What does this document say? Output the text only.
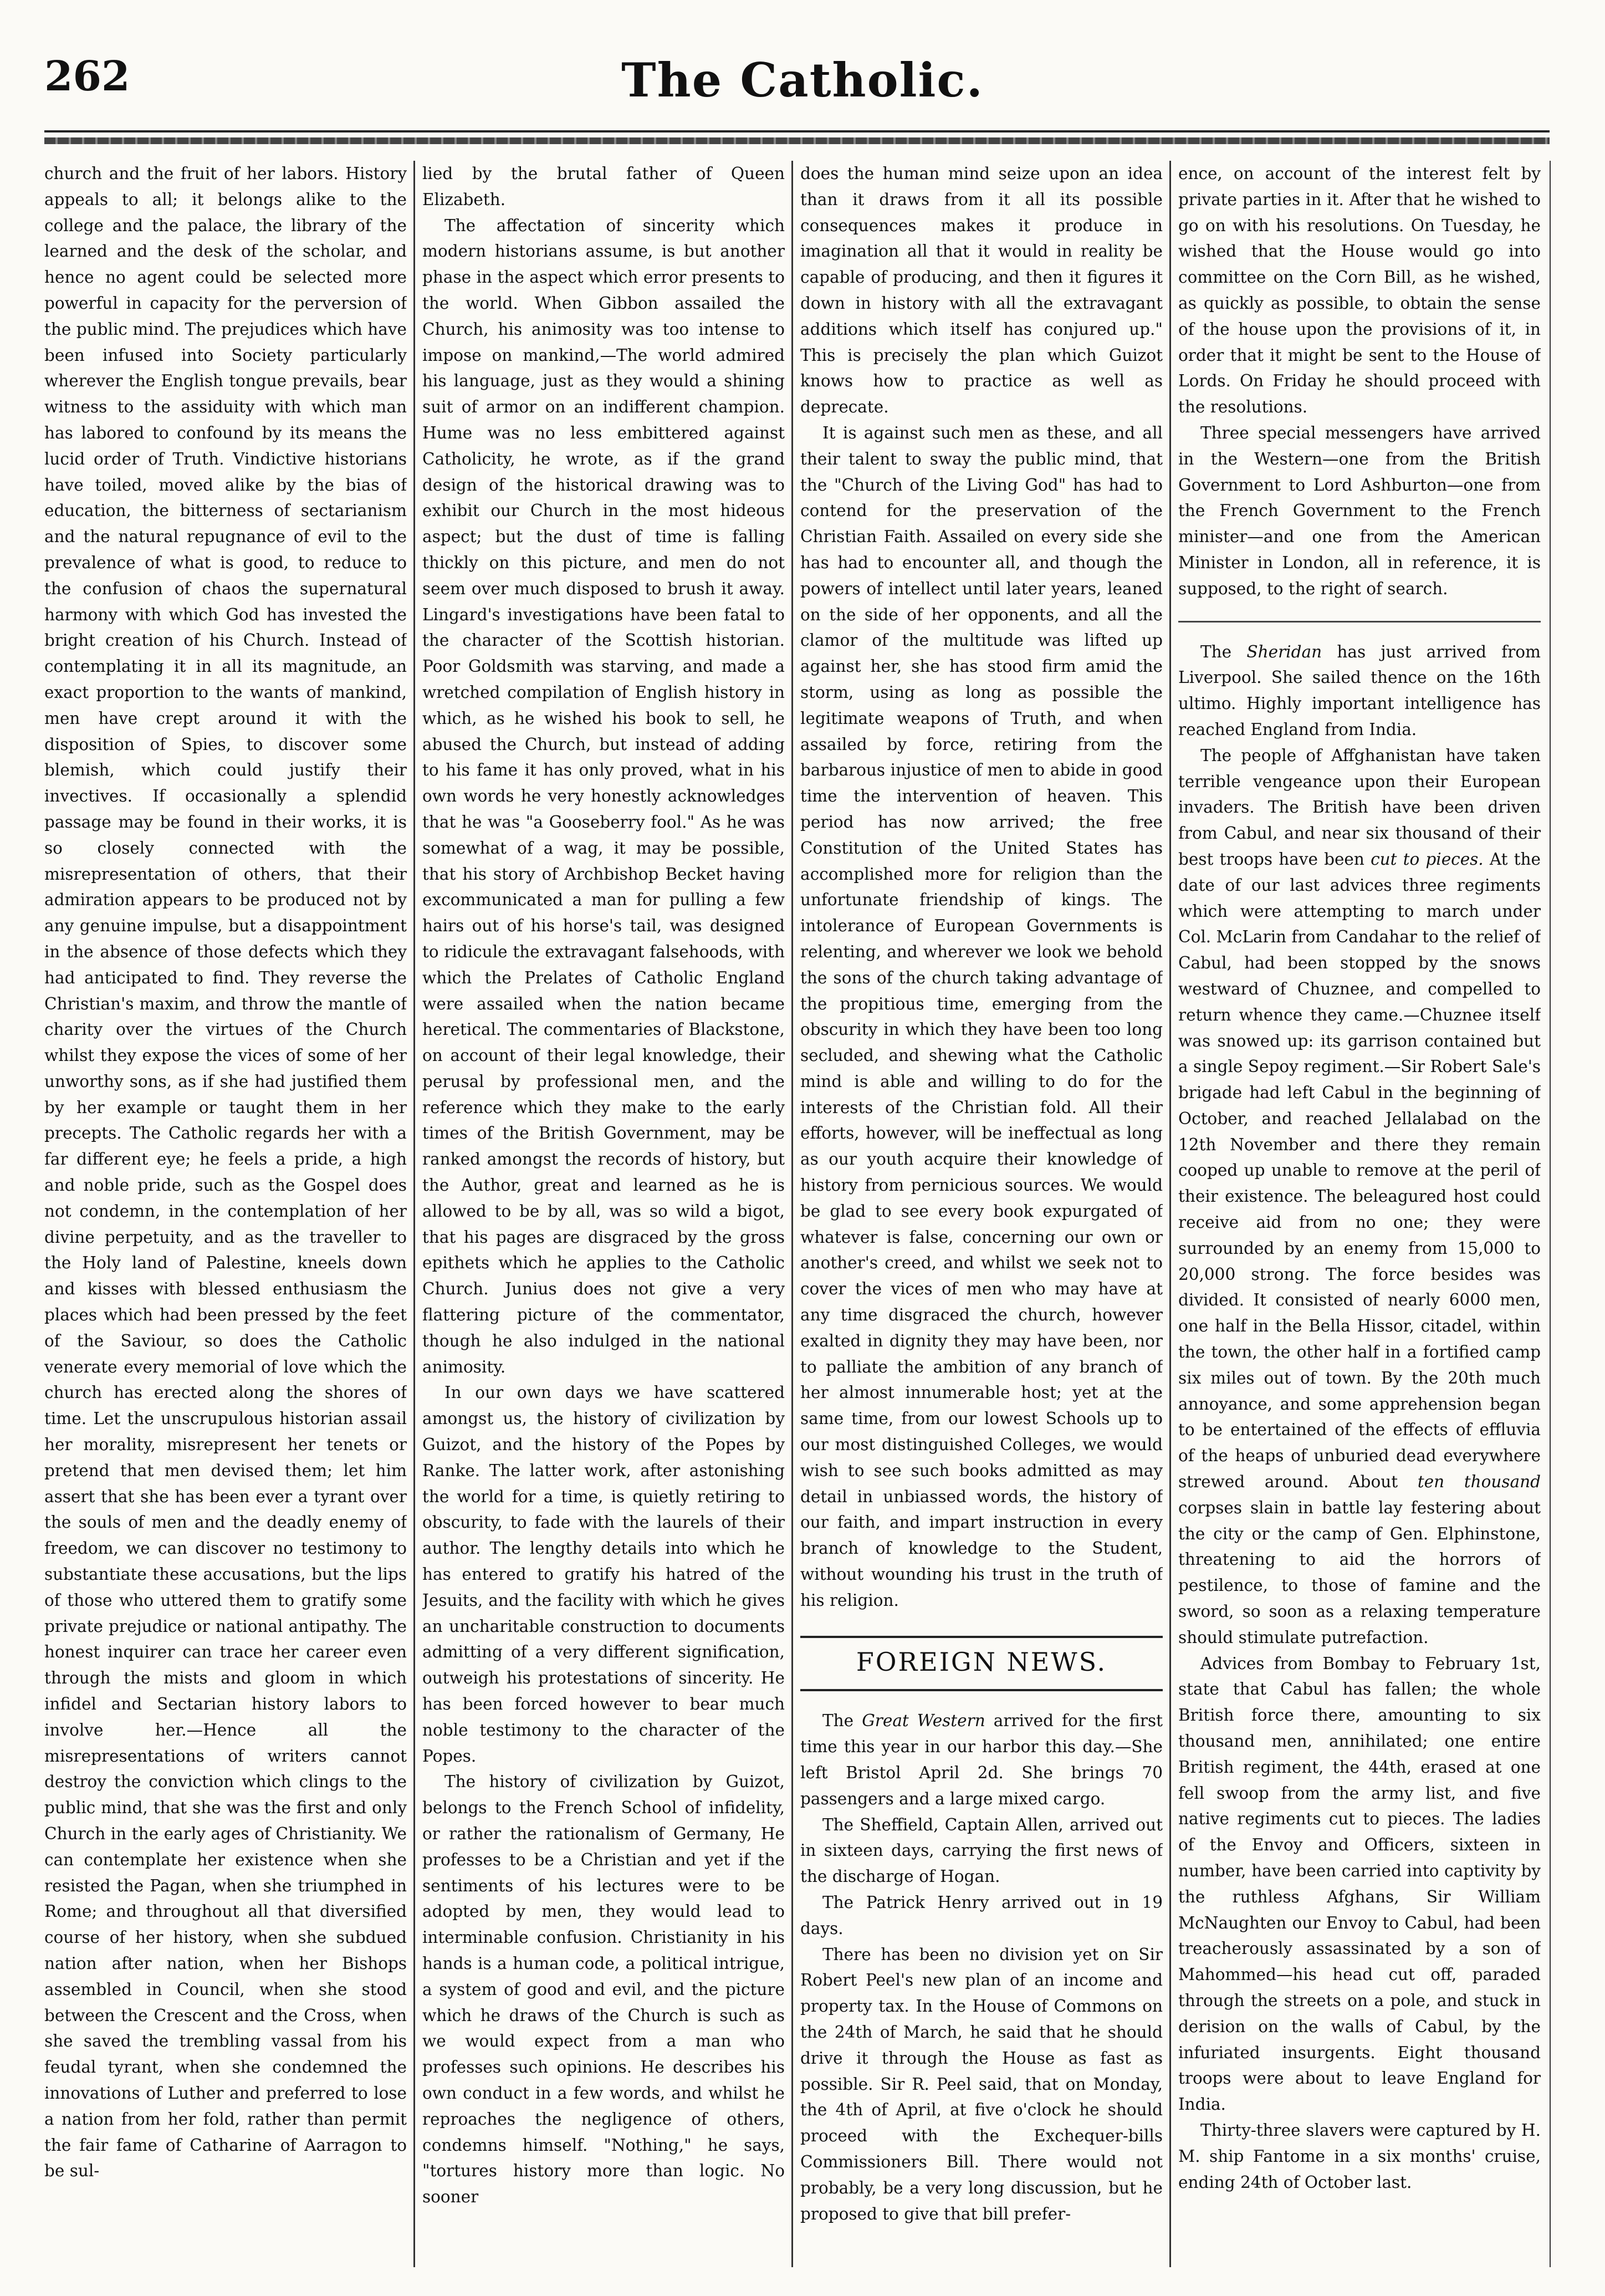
262	The Catholic.

church and the fruit of her labors. History appeals to all; it belongs alike to the college and the palace, the library of the learned and the desk of the scholar, and hence no agent could be selected more powerful in capacity for the perversion of the public mind. The prejudices which have been infused into Society particularly wherever the English tongue prevails, bear witness to the assiduity with which man has labored to confound by its means the lucid order of Truth. Vindictive historians have toiled, moved alike by the bias of education, the bitterness of sectarianism and the natural repugnance of evil to the prevalence of what is good, to reduce to the confusion of chaos the supernatural harmony with which God has invested the bright creation of his Church. Instead of contemplating it in all its magnitude, an exact proportion to the wants of mankind, men have crept around it with the disposition of Spies, to discover some blemish, which could justify their invectives. If occasionally a splendid passage may be found in their works, it is so closely connected with the misrepresentation of others, that their admiration appears to be produced not by any genuine impulse, but a disappointment in the absence of those defects which they had anticipated to find. They reverse the Christian's maxim, and throw the mantle of charity over the virtues of the Church whilst they expose the vices of some of her unworthy sons, as if she had justified them by her example or taught them in her precepts. The Catholic regards her with a far different eye; he feels a pride, a high and noble pride, such as the Gospel does not condemn, in the contemplation of her divine perpetuity, and as the traveller to the Holy land of Palestine, kneels down and kisses with blessed enthusiasm the places which had been pressed by the feet of the Saviour, so does the Catholic venerate every memorial of love which the church has erected along the shores of time. Let the unscrupulous historian assail her morality, misrepresent her tenets or pretend that men devised them; let him assert that she has been ever a tyrant over the souls of men and the deadly enemy of freedom, we can discover no testimony to substantiate these accusations, but the lips of those who uttered them to gratify some private prejudice or national antipathy. The honest inquirer can trace her career even through the mists and gloom in which infidel and Sectarian history labors to involve her.—Hence all the misrepresentations of writers cannot destroy the conviction which clings to the public mind, that she was the first and only Church in the early ages of Christianity. We can contemplate her existence when she resisted the Pagan, when she triumphed in Rome; and throughout all that diversified course of her history, when she subdued nation after nation, when her Bishops assembled in Council, when she stood between the Crescent and the Cross, when she saved the trembling vassal from his feudal tyrant, when she condemned the innovations of Luther and preferred to lose a nation from her fold, rather than permit the fair fame of Catharine of Aarragon to be sul-

lied by the brutal father of Queen Elizabeth.

The affectation of sincerity which modern historians assume, is but another phase in the aspect which error presents to the world. When Gibbon assailed the Church, his animosity was too intense to impose on mankind,—The world admired his language, just as they would a shining suit of armor on an indifferent champion. Hume was no less embittered against Catholicity, he wrote, as if the grand design of the historical drawing was to exhibit our Church in the most hideous aspect; but the dust of time is falling thickly on this picture, and men do not seem over much disposed to brush it away. Lingard's investigations have been fatal to the character of the Scottish historian. Poor Goldsmith was starving, and made a wretched compilation of English history in which, as he wished his book to sell, he abused the Church, but instead of adding to his fame it has only proved, what in his own words he very honestly acknowledges that he was "a Gooseberry fool." As he was somewhat of a wag, it may be possible, that his story of Archbishop Becket having excommunicated a man for pulling a few hairs out of his horse's tail, was designed to ridicule the extravagant falsehoods, with which the Prelates of Catholic England were assailed when the nation became heretical. The commentaries of Blackstone, on account of their legal knowledge, their perusal by professional men, and the reference which they make to the early times of the British Government, may be ranked amongst the records of history, but the Author, great and learned as he is allowed to be by all, was so wild a bigot, that his pages are disgraced by the gross epithets which he applies to the Catholic Church. Junius does not give a very flattering picture of the commentator, though he also indulged in the national animosity.

In our own days we have scattered amongst us, the history of civilization by Guizot, and the history of the Popes by Ranke. The latter work, after astonishing the world for a time, is quietly retiring to obscurity, to fade with the laurels of their author. The lengthy details into which he has entered to gratify his hatred of the Jesuits, and the facility with which he gives an uncharitable construction to documents admitting of a very different signification, outweigh his protestations of sincerity. He has been forced however to bear much noble testimony to the character of the Popes.

The history of civilization by Guizot, belongs to the French School of infidelity, or rather the rationalism of Germany, He professes to be a Christian and yet if the sentiments of his lectures were to be adopted by men, they would lead to interminable confusion. Christianity in his hands is a human code, a political intrigue, a system of good and evil, and the picture which he draws of the Church is such as we would expect from a man who professes such opinions. He describes his own conduct in a few words, and whilst he reproaches the negligence of others, condemns himself. "Nothing," he says, "tortures history more than logic. No sooner

does the human mind seize upon an idea than it draws from it all its possible consequences makes it produce in imagination all that it would in reality be capable of producing, and then it figures it down in history with all the extravagant additions which itself has conjured up." This is precisely the plan which Guizot knows how to practice as well as deprecate.

It is against such men as these, and all their talent to sway the public mind, that the "Church of the Living God" has had to contend for the preservation of the Christian Faith. Assailed on every side she has had to encounter all, and though the powers of intellect until later years, leaned on the side of her opponents, and all the clamor of the multitude was lifted up against her, she has stood firm amid the storm, using as long as possible the legitimate weapons of Truth, and when assailed by force, retiring from the barbarous injustice of men to abide in good time the intervention of heaven. This period has now arrived; the free Constitution of the United States has accomplished more for religion than the unfortunate friendship of kings. The intolerance of European Governments is relenting, and wherever we look we behold the sons of the church taking advantage of the propitious time, emerging from the obscurity in which they have been too long secluded, and shewing what the Catholic mind is able and willing to do for the interests of the Christian fold. All their efforts, however, will be ineffectual as long as our youth acquire their knowledge of history from pernicious sources. We would be glad to see every book expurgated of whatever is false, concerning our own or another's creed, and whilst we seek not to cover the vices of men who may have at any time disgraced the church, however exalted in dignity they may have been, nor to palliate the ambition of any branch of her almost innumerable host; yet at the same time, from our lowest Schools up to our most distinguished Colleges, we would wish to see such books admitted as may detail in unbiassed words, the history of our faith, and impart instruction in every branch of knowledge to the Student, without wounding his trust in the truth of his religion.

FOREIGN NEWS.

The Great Western arrived for the first time this year in our harbor this day.—She left Bristol April 2d. She brings 70 passengers and a large mixed cargo.

The Sheffield, Captain Allen, arrived out in sixteen days, carrying the first news of the discharge of Hogan.

The Patrick Henry arrived out in 19 days.

There has been no division yet on Sir Robert Peel's new plan of an income and property tax. In the House of Commons on the 24th of March, he said that he should drive it through the House as fast as possible. Sir R. Peel said, that on Monday, the 4th of April, at five o'clock he should proceed with the Exchequer-bills Commissioners Bill. There would not probably, be a very long discussion, but he proposed to give that bill prefer-

ence, on account of the interest felt by private parties in it. After that he wished to go on with his resolutions. On Tuesday, he wished that the House would go into committee on the Corn Bill, as he wished, as quickly as possible, to obtain the sense of the house upon the provisions of it, in order that it might be sent to the House of Lords. On Friday he should proceed with the resolutions.

Three special messengers have arrived in the Western—one from the British Government to Lord Ashburton—one from the French Government to the French minister—and one from the American Minister in London, all in reference, it is supposed, to the right of search.

The Sheridan has just arrived from Liverpool. She sailed thence on the 16th ultimo. Highly important intelligence has reached England from India.

The people of Affghanistan have taken terrible vengeance upon their European invaders. The British have been driven from Cabul, and near six thousand of their best troops have been cut to pieces. At the date of our last advices three regiments which were attempting to march under Col. McLarin from Candahar to the relief of Cabul, had been stopped by the snows westward of Chuznee, and compelled to return whence they came.—Chuznee itself was snowed up: its garrison contained but a single Sepoy regiment.—Sir Robert Sale's brigade had left Cabul in the beginning of October, and reached Jellalabad on the 12th November and there they remain cooped up unable to remove at the peril of their existence. The beleagured host could receive aid from no one; they were surrounded by an enemy from 15,000 to 20,000 strong. The force besides was divided. It consisted of nearly 6000 men, one half in the Bella Hissor, citadel, within the town, the other half in a fortified camp six miles out of town. By the 20th much annoyance, and some apprehension began to be entertained of the effects of effluvia of the heaps of unburied dead everywhere strewed around. About ten thousand corpses slain in battle lay festering about the city or the camp of Gen. Elphinstone, threatening to aid the horrors of pestilence, to those of famine and the sword, so soon as a relaxing temperature should stimulate putrefaction.

Advices from Bombay to February 1st, state that Cabul has fallen; the whole British force there, amounting to six thousand men, annihilated; one entire British regiment, the 44th, erased at one fell swoop from the army list, and five native regiments cut to pieces. The ladies of the Envoy and Officers, sixteen in number, have been carried into captivity by the ruthless Afghans, Sir William McNaughten our Envoy to Cabul, had been treacherously assassinated by a son of Mahommed—his head cut off, paraded through the streets on a pole, and stuck in derision on the walls of Cabul, by the infuriated insurgents. Eight thousand troops were about to leave England for India.

Thirty-three slavers were captured by H. M. ship Fantome in a six months' cruise, ending 24th of October last.
